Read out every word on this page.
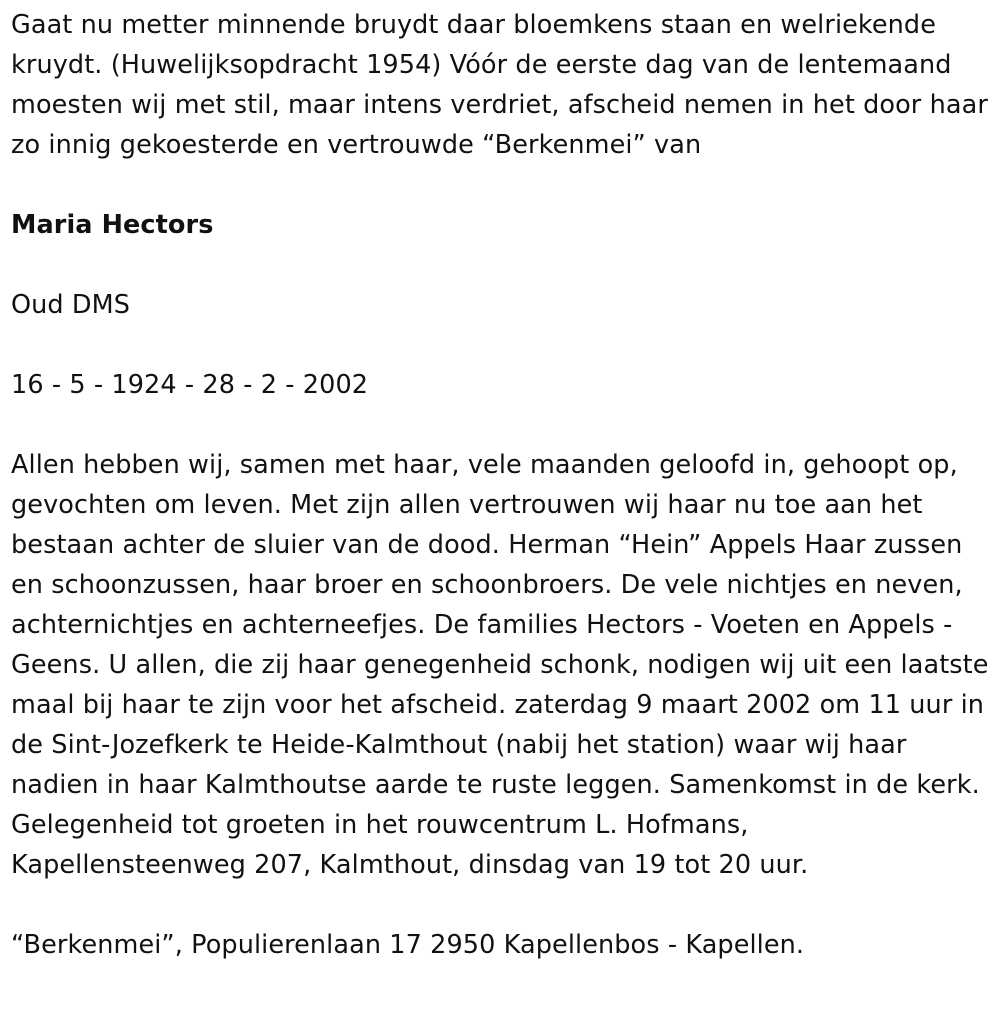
Gaat nu metter minnende bruydt daar bloemkens staan en welriekende kruydt. (Huwelijksopdracht 1954) Vóór de eerste dag van de lentemaand moesten wij met stil, maar intens verdriet, afscheid nemen in het door haar zo innig gekoesterde en vertrouwde “Berkenmei” van

Maria Hectors

Oud DMS

16 - 5 - 1924 - 28 - 2 - 2002

Allen hebben wij, samen met haar, vele maanden geloofd in, gehoopt op, gevochten om leven. Met zijn allen vertrouwen wij haar nu toe aan het bestaan achter de sluier van de dood. Herman “Hein” Appels Haar zussen en schoonzussen, haar broer en schoonbroers. De vele nichtjes en neven, achternichtjes en achterneefjes. De families Hectors - Voeten en Appels - Geens. U allen, die zij haar genegenheid schonk, nodigen wij uit een laatste maal bij haar te zijn voor het afscheid. zaterdag 9 maart 2002 om 11 uur in de Sint-Jozefkerk te Heide-Kalmthout (nabij het station) waar wij haar nadien in haar Kalmthoutse aarde te ruste leggen. Samenkomst in de kerk. Gelegenheid tot groeten in het rouwcentrum L. Hofmans, Kapellensteenweg 207, Kalmthout, dinsdag van 19 tot 20 uur.

“Berkenmei”, Populierenlaan 17 2950 Kapellenbos - Kapellen.
